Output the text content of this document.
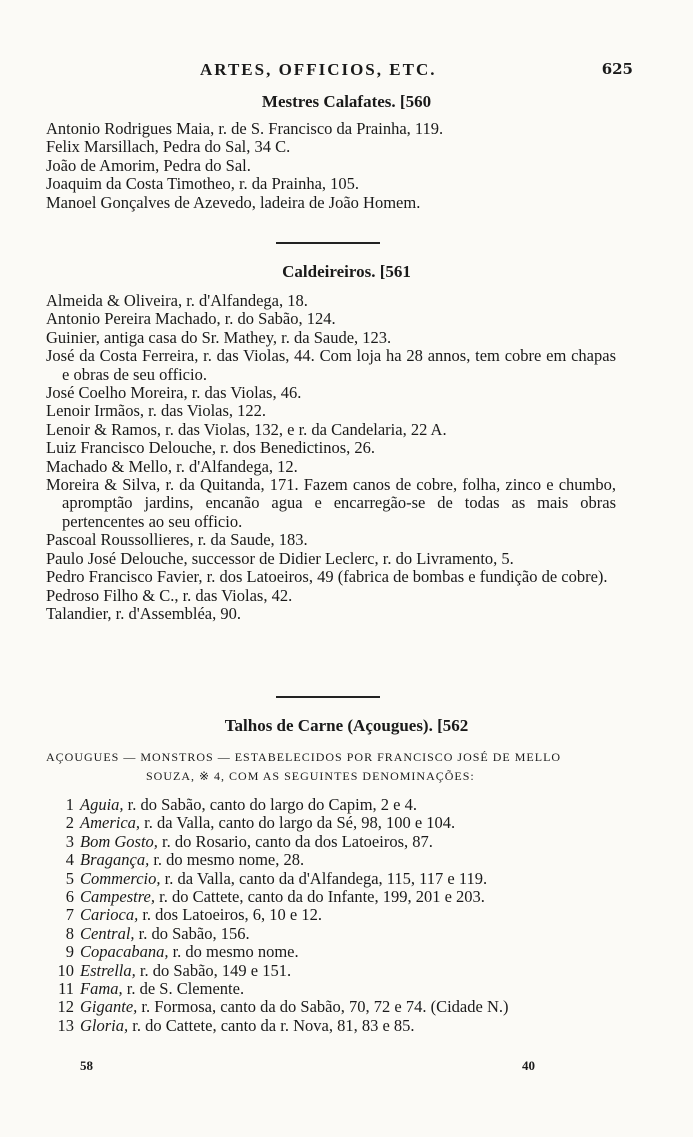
ARTES, OFFICIOS, ETC.	625
Mestres Calafates. [560
Antonio Rodrigues Maia, r. de S. Francisco da Prainha, 119.
Felix Marsillach, Pedra do Sal, 34 C.
João de Amorim, Pedra do Sal.
Joaquim da Costa Timotheo, r. da Prainha, 105.
Manoel Gonçalves de Azevedo, ladeira de João Homem.
Caldeireiros. [561
Almeida & Oliveira, r. d'Alfandega, 18.
Antonio Pereira Machado, r. do Sabão, 124.
Guinier, antiga casa do Sr. Mathey, r. da Saude, 123.
José da Costa Ferreira, r. das Violas, 44. Com loja ha 28 annos, tem cobre em chapas e obras de seu officio.
José Coelho Moreira, r. das Violas, 46.
Lenoir Irmãos, r. das Violas, 122.
Lenoir & Ramos, r. das Violas, 132, e r. da Candelaria, 22 A.
Luiz Francisco Delouche, r. dos Benedictinos, 26.
Machado & Mello, r. d'Alfandega, 12.
Moreira & Silva, r. da Quitanda, 171. Fazem canos de cobre, folha, zinco e chumbo, apromptão jardins, encanão agua e encarregão-se de todas as mais obras pertencentes ao seu officio.
Pascoal Roussollieres, r. da Saude, 183.
Paulo José Delouche, successor de Didier Leclerc, r. do Livramento, 5.
Pedro Francisco Favier, r. dos Latoeiros, 49 (fabrica de bombas e fundição de cobre).
Pedroso Filho & C., r. das Violas, 42.
Talandier, r. d'Assembléa, 90.
Talhos de Carne (Açougues). [562
AÇOUGUES — MONSTROS — ESTABELECIDOS POR FRANCISCO JOSÉ DE MELLO
SOUZA, ※ 4, COM AS SEGUINTES DENOMINAÇÕES:
1 Aguia, r. do Sabão, canto do largo do Capim, 2 e 4.
2 America, r. da Valla, canto do largo da Sé, 98, 100 e 104.
3 Bom Gosto, r. do Rosario, canto da dos Latoeiros, 87.
4 Bragança, r. do mesmo nome, 28.
5 Commercio, r. da Valla, canto da d'Alfandega, 115, 117 e 119.
6 Campestre, r. do Cattete, canto da do Infante, 199, 201 e 203.
7 Carioca, r. dos Latoeiros, 6, 10 e 12.
8 Central, r. do Sabão, 156.
9 Copacabana, r. do mesmo nome.
10 Estrella, r. do Sabão, 149 e 151.
11 Fama, r. de S. Clemente.
12 Gigante, r. Formosa, canto da do Sabão, 70, 72 e 74. (Cidade N.)
13 Gloria, r. do Cattete, canto da r. Nova, 81, 83 e 85.
58	40
